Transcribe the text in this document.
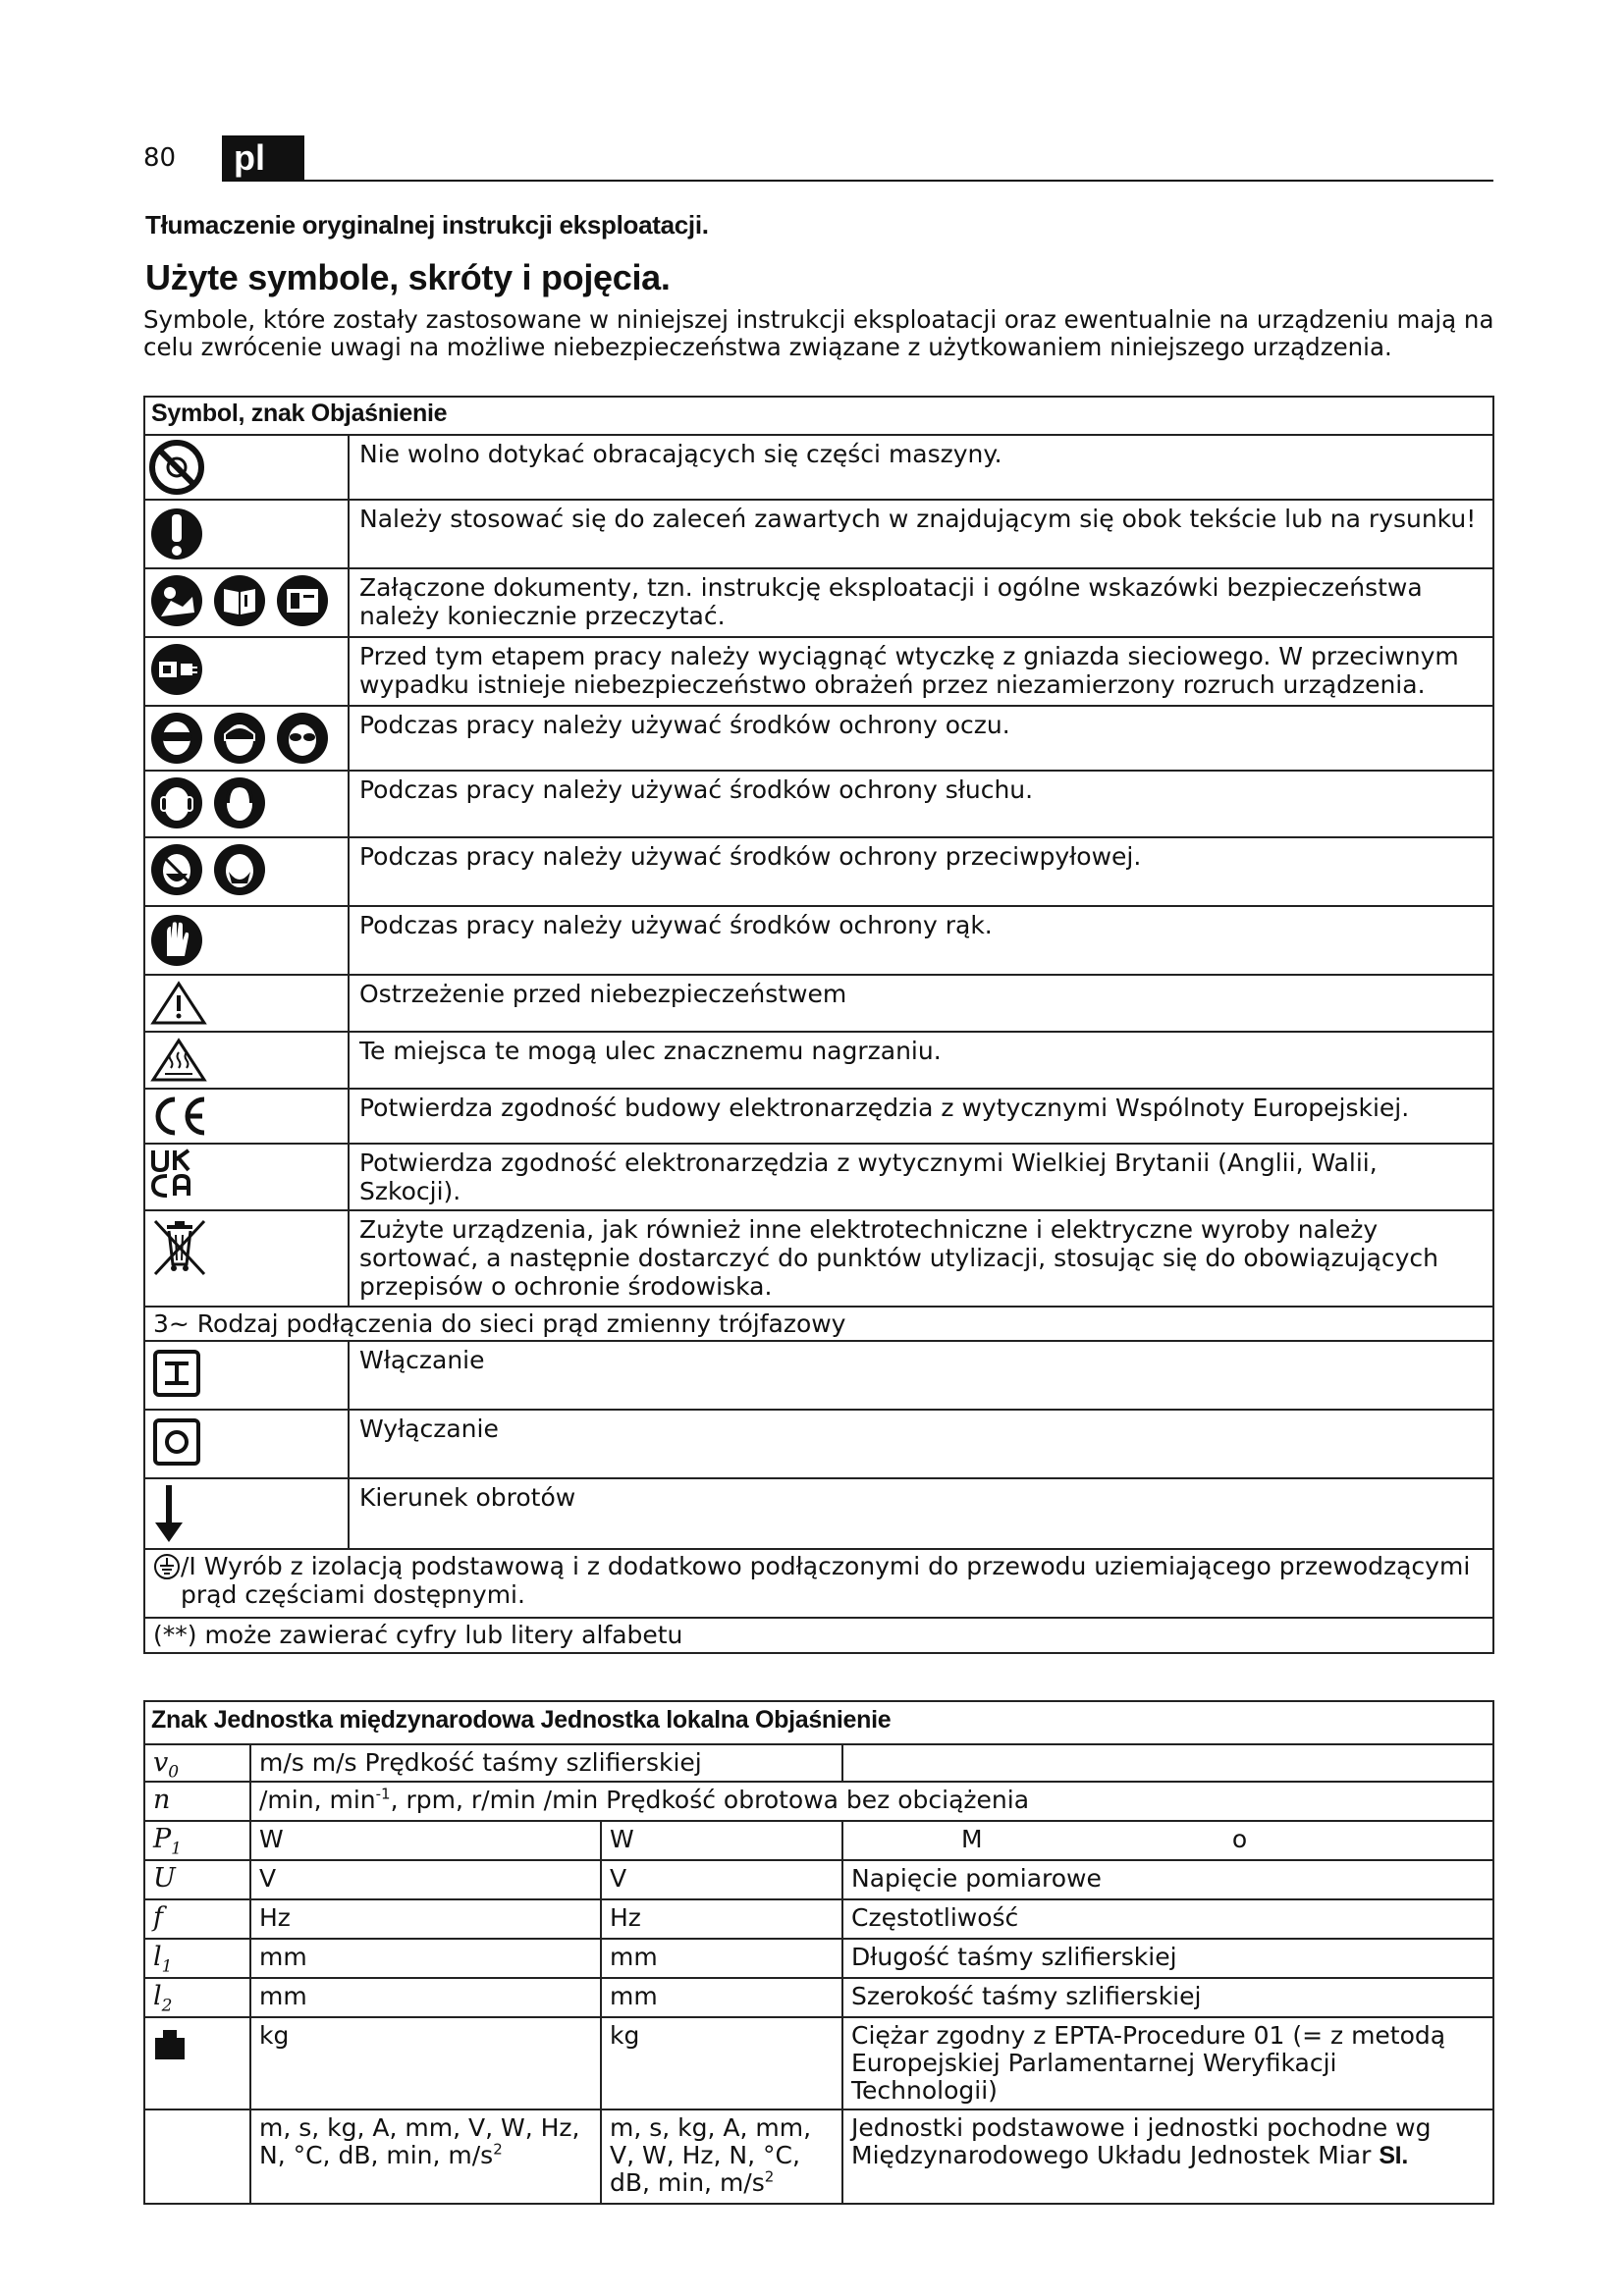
80	pl
Tłumaczenie oryginalnej instrukcji eksploatacji.
Użyte symbole, skróty i pojęcia.
Symbole, które zostały zastosowane w niniejszej instrukcji eksploatacji oraz ewentualnie na urządzeniu mają na celu zwrócenie uwagi na możliwe niebezpieczeństwa związane z użytkowaniem niniejszego urządzenia.
Symbol, znak Objaśnienie	

	Nie wolno dotykać obracających się części maszyny.

	Należy stosować się do zaleceń zawartych w znajdującym się obok tekście lub na rysunku!

	Załączone dokumenty, tzn. instrukcję eksploatacji i ogólne wskazówki bezpieczeństwa należy koniecznie przeczytać.

	Przed tym etapem pracy należy wyciągnąć wtyczkę z gniazda sieciowego. W przeciwnym wypadku istnieje niebezpieczeństwo obrażeń przez niezamierzony rozruch urządzenia.

	Podczas pracy należy używać środków ochrony oczu.

	Podczas pracy należy używać środków ochrony słuchu.

	Podczas pracy należy używać środków ochrony przeciwpyłowej.

	Podczas pracy należy używać środków ochrony rąk.

	Ostrzeżenie przed niebezpieczeństwem

	Te miejsca te mogą ulec znacznemu nagrzaniu.

	Potwierdza zgodność budowy elektronarzędzia z wytycznymi Wspólnoty Europejskiej.

	Potwierdza zgodność elektronarzędzia z wytycznymi Wielkiej Brytanii (Anglii, Walii, Szkocji).

	Zużyte urządzenia, jak również inne elektrotechniczne i elektryczne wyroby należy sortować, a następnie dostarczyć do punktów utylizacji, stosując się do obowiązujących przepisów o ochronie środowiska.
3~ Rodzaj podłączenia do sieci prąd zmienny trójfazowy	

	Włączanie

	Wyłączanie

	Kierunek obrotów

/I Wyrób z izolacją podstawową i z dodatkowo podłączonymi do przewodu uziemiającego przewodzącymi prąd częściami dostępnymi.	

(**) może zawierać cyfry lub litery alfabetu	
Znak Jednostka międzynarodowa Jednostka lokalna Objaśnienie			
$v_0$	m/s m/s Prędkość taśmy szlifierskiej		
n	/min, $\min^{-1}$, rpm, r/min /min Prędkość obrotowa bez obciążenia		
$P_1$	W	W	M                                o
U	V	V	Napięcie pomiarowe
f	Hz	Hz	Częstotliwość
$l_1$	mm	mm	Długość taśmy szlifierskiej
$l_2$	mm	mm	Szerokość taśmy szlifierskiej
	kg	kg	Ciężar zgodny z EPTA-Procedure 01 (= z metodą Europejskiej Parlamentarnej Weryfikacji Technologii)
	m, s, kg, A, mm, V, W, Hz, N, °C, dB, min, $m/s^2$	m, s, kg, A, mm, V, W, Hz, N, °C, dB, min, $m/s^2$	Jednostki podstawowe i jednostki pochodne wg Międzynarodowego Układu Jednostek Miar SI.
